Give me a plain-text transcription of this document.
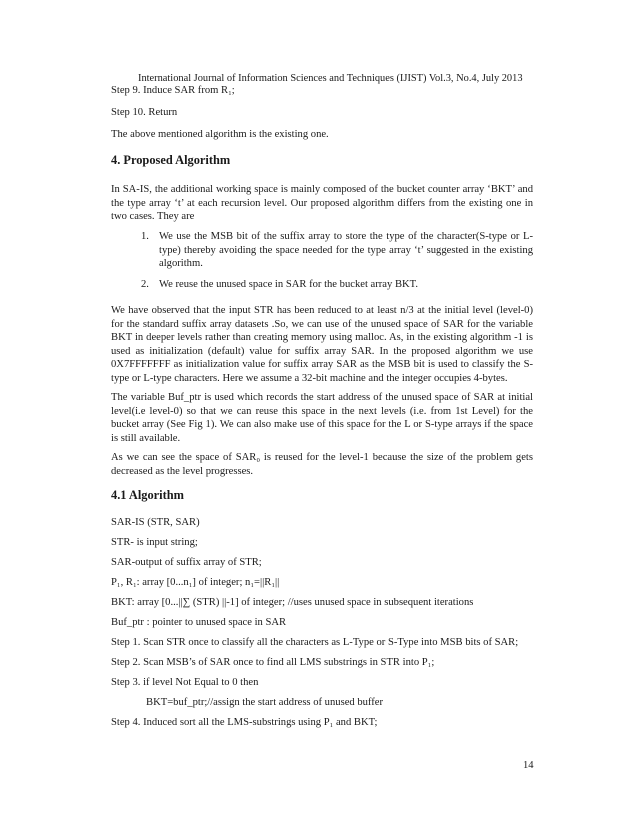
International Journal of Information Sciences and Techniques (IJIST) Vol.3, No.4, July 2013
Step 9. Induce SAR from R₁;
Step 10. Return
The above mentioned algorithm is the existing one.
4. Proposed Algorithm
In SA-IS, the additional working space is mainly composed of the bucket counter array ‘BKT’ and the type array ‘t’ at each recursion level. Our proposed algorithm differs from the existing one in two cases. They are
1. We use the MSB bit of the suffix array to store the type of the character(S-type or L-type) thereby avoiding the space needed for the type array ‘t’ suggested in the existing algorithm.
2. We reuse the unused space in SAR for the bucket array BKT.
We have observed that the input STR has been reduced to at least n/3 at the initial level (level-0) for the standard suffix array datasets .So, we can use of the unused space of SAR for the variable BKT in deeper levels rather than creating memory using malloc. As, in the existing algorithm -1 is used as initialization (default) value for suffix array SAR. In the proposed algorithm we use 0X7FFFFFFF as initialization value for suffix array SAR as the MSB bit is used to classify the S-type or L-type characters. Here we assume a 32-bit machine and the integer occupies 4-bytes.
The variable Buf_ptr is used which records the start address of the unused space of SAR at initial level(i.e level-0) so that we can reuse this space in the next levels (i.e. from 1st Level) for the bucket array (See Fig 1). We can also make use of this space for the L or S-type arrays if the space is still available.
As we can see the space of SAR₀ is reused for the level-1 because the size of the problem gets decreased as the level progresses.
4.1 Algorithm
SAR-IS (STR, SAR)
STR- is input string;
SAR-output of suffix array of STR;
P₁, R₁: array [0...n₁] of integer; n₁=||R₁||
BKT: array [0...||∑ (STR) ||-1] of integer; //uses unused space in subsequent iterations
Buf_ptr : pointer to unused space in SAR
Step 1. Scan STR once to classify all the characters as L-Type or S-Type into MSB bits of SAR;
Step 2. Scan MSB’s of SAR once to find all LMS substrings in STR into P₁;
Step 3. if level Not Equal to 0 then
BKT=buf_ptr;//assign the start address of unused buffer
Step 4. Induced sort all the LMS-substrings using P₁ and BKT;
14
